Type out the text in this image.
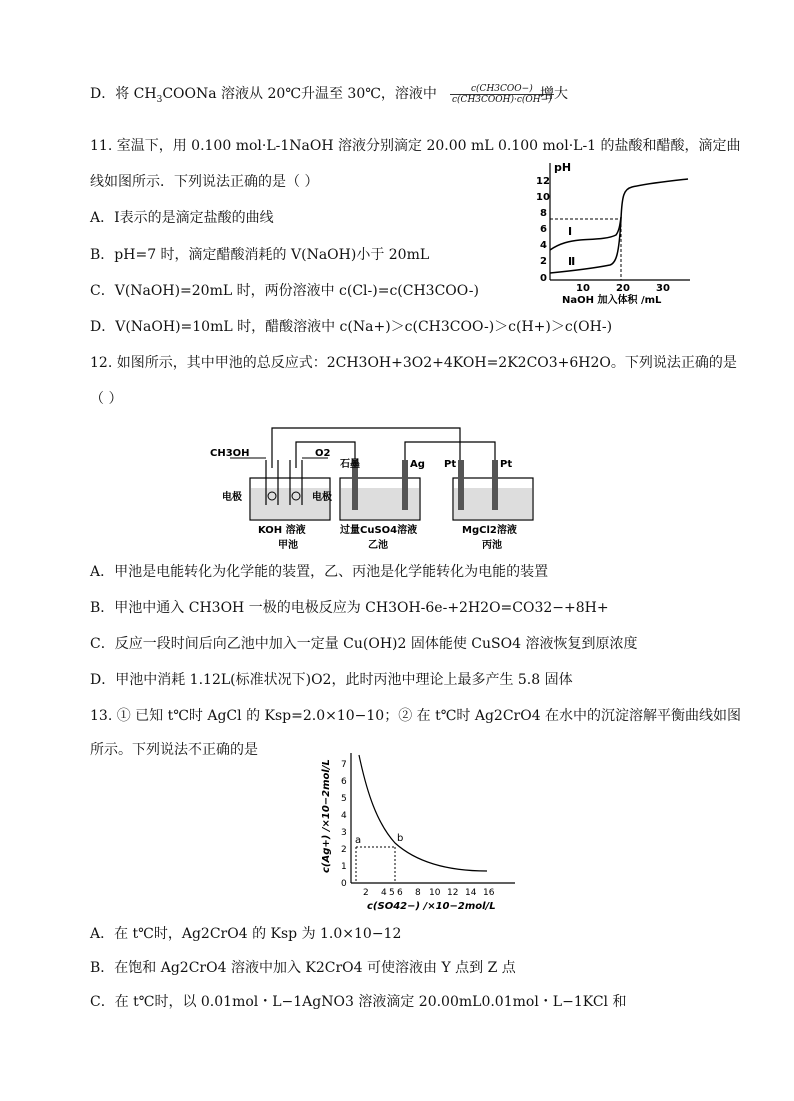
D．将 $CH_3COONa$ 溶液从 20℃升温至 30℃，溶液中	c(CH3COO−)
c(CH3COOH)·c(OH−)
增大
11. 室温下，用 0.100 mol·L-1NaOH 溶液分别滴定 20.00 mL 0.100 mol·L-1 的盐酸和醋酸，滴定曲
线如图所示．下列说法正确的是（ ）
A．Ⅰ表示的是滴定盐酸的曲线
B．pH=7 时，滴定醋酸消耗的 V(NaOH)小于 20mL
C．V(NaOH)=20mL 时，两份溶液中 c(Cl-)=c(CH3COO-)
D．V(NaOH)=10mL 时，醋酸溶液中 c(Na+)＞c(CH3COO-)＞c(H+)＞c(OH-)
pH
12
10
8
6
4
2
0
10	20	30
NaOH 加入体积 /mL
Ⅰ
Ⅱ
12. 如图所示，其中甲池的总反应式：2CH3OH+3O2+4KOH=2K2CO3+6H2O。下列说法正确的是
（ ）
CH3OH	O2
电极	电极
石墨	Ag Pt	Pt
KOH 溶液	过量CuSO4溶液	MgCl2溶液
甲池	乙池	丙池
A．甲池是电能转化为化学能的装置，乙、丙池是化学能转化为电能的装置
B．甲池中通入 CH3OH 一极的电极反应为 CH3OH-6e-+2H2O=CO32−+8H+
C．反应一段时间后向乙池中加入一定量 Cu(OH)2 固体能使 CuSO4 溶液恢复到原浓度
D．甲池中消耗 1.12L(标准状况下)O2，此时丙池中理论上最多产生 5.8 固体
13. ① 已知 t℃时 AgCl 的 Ksp=2.0×10−10；② 在 t℃时 Ag2CrO4 在水中的沉淀溶解平衡曲线如图
所示。下列说法不正确的是
c(Ag+) /×10−2mol/L 7
6
5
4
3
2
1
0
2 4 5 6 8 10 12 14 16
c(SO42−) /×10−2mol/L
a	b
A．在 t℃时，Ag2CrO4 的 Ksp 为 1.0×10−12
B．在饱和 Ag2CrO4 溶液中加入 K2CrO4 可使溶液由 Y 点到 Z 点
C．在 t℃时，以 0.01mol・L−1AgNO3 溶液滴定 20.00mL0.01mol・L−1KCl 和
